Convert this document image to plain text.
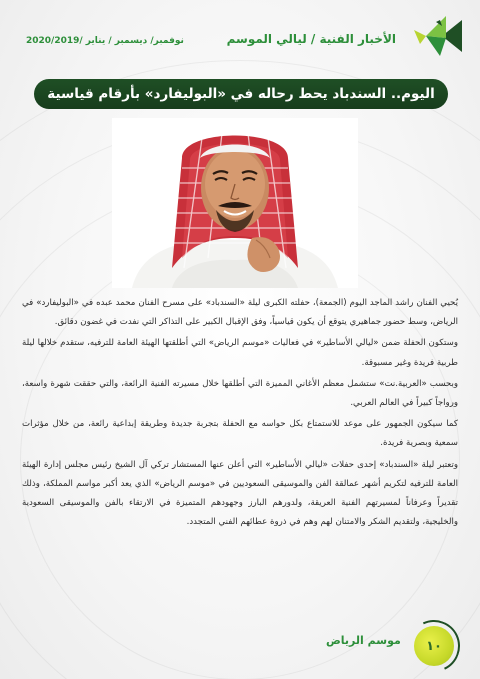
الأخبار الفنية / ليالي الموسم
نوفمبر/ ديسمبر / يناير /2020/2019
اليوم.. السندباد يحط رحاله في «البوليفارد» بأرقام قياسية

يُحيي الفنان راشد الماجد اليوم (الجمعة)، حفلته الكبرى ليلة «السندباد» على مسرح الفنان محمد عبده في «البوليفارد» في الرياض، وسط حضور جماهيري يتوقع أن يكون قياسياً، وفق الإقبال الكبير على التذاكر التي نفدت في غضون دقائق.

وستكون الحفلة ضمن «ليالي الأساطير» في فعاليات «موسم الرياض» التي أطلقتها الهيئة العامة للترفيه، ستقدم خلالها ليلة طربية فريدة وغير مسبوقة.

وبحسب «العربية.نت» ستشمل معظم الأغاني المميزة التي أطلقها خلال مسيرته الفنية الرائعة، والتي حققت شهرة واسعة، ورواجاً كبيراً في العالم العربي.

كما سيكون الجمهور على موعد للاستمتاع بكل حواسه مع الحفلة بتجربة جديدة وطريقة إبداعية رائعة، من خلال مؤثرات سمعية وبصرية فريدة.

وتعتبر ليلة «السندباد» إحدى حفلات «ليالي الأساطير» التي أعلن عنها المستشار تركي آل الشيخ رئيس مجلس إدارة الهيئة العامة للترفيه لتكريم أشهر عمالقة الفن والموسيقى السعوديين في «موسم الرياض» الذي يعد أكبر مواسم المملكة، وذلك تقديراً وعرفاناً لمسيرتهم الفنية العريقة، ولدورهم البارز وجهودهم المتميزة في الارتقاء بالفن والموسيقى السعودية والخليجية، ولتقديم الشكر والامتنان لهم وهم في ذروة عطائهم الفني المتجدد.

موسم الرياض ١٠
